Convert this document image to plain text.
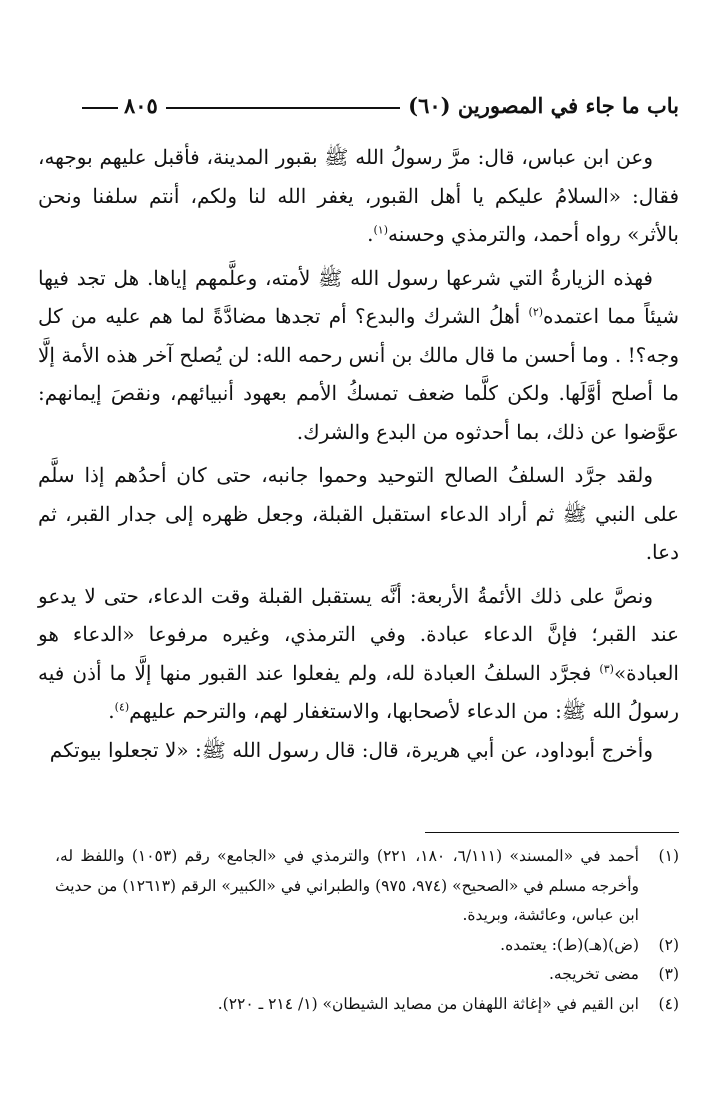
باب ما جاء في المصورين (٦٠)
٨٠٥

وعن ابن عباس، قال: مرَّ رسولُ الله ﷺ بقبور المدينة، فأقبل عليهم بوجهه، فقال: «السلامُ عليكم يا أهل القبور، يغفر الله لنا ولكم، أنتم سلفنا ونحن بالأثر» رواه أحمد، والترمذي وحسنه$^{(١)}$.

فهذه الزيارةُ التي شرعها رسول الله ﷺ لأمته، وعلَّمهم إياها. هل تجد فيها شيئاً مما اعتمده$^{(٢)}$ أهلُ الشرك والبدع؟ أم تجدها مضادَّةً لما هم عليه من كل وجه؟! . وما أحسن ما قال مالك بن أنس رحمه الله: لن يُصلح آخر هذه الأمة إلَّا ما أصلح أوَّلَها. ولكن كلَّما ضعف تمسكُ الأمم بعهود أنبيائهم، ونقصَ إيمانهم: عوَّضوا عن ذلك، بما أحدثوه من البدع والشرك.

ولقد جرَّد السلفُ الصالح التوحيد وحموا جانبه، حتى كان أحدُهم إذا سلَّم على النبي ﷺ ثم أراد الدعاء استقبل القبلة، وجعل ظهره إلى جدار القبر، ثم دعا.

ونصَّ على ذلك الأئمةُ الأربعة: أنَّه يستقبل القبلة وقت الدعاء، حتى لا يدعو عند القبر؛ فإنَّ الدعاء عبادة. وفي الترمذي، وغيره مرفوعا «الدعاء هو العبادة»$^{(٣)}$ فجرَّد السلفُ العبادة لله، ولم يفعلوا عند القبور منها إلَّا ما أذن فيه رسولُ الله ﷺ: من الدعاء لأصحابها، والاستغفار لهم، والترحم عليهم$^{(٤)}$.

وأخرج أبوداود، عن أبي هريرة، قال: قال رسول الله ﷺ: «لا تجعلوا بيوتكم

(١)
أحمد في «المسند» (٦/١١١، ١٨٠، ٢٢١) والترمذي في «الجامع» رقم (١٠٥٣) واللفظ له، وأخرجه مسلم في «الصحيح» (٩٧٤، ٩٧٥) والطبراني في «الكبير» الرقم (١٢٦١٣) من حديث ابن عباس، وعائشة، وبريدة.
(٢)
(ض)(هـ)(ط): يعتمده.
(٣)
مضى تخريجه.
(٤)
ابن القيم في «إغاثة اللهفان من مصايد الشيطان» (١/ ٢١٤ ـ ٢٢٠).
